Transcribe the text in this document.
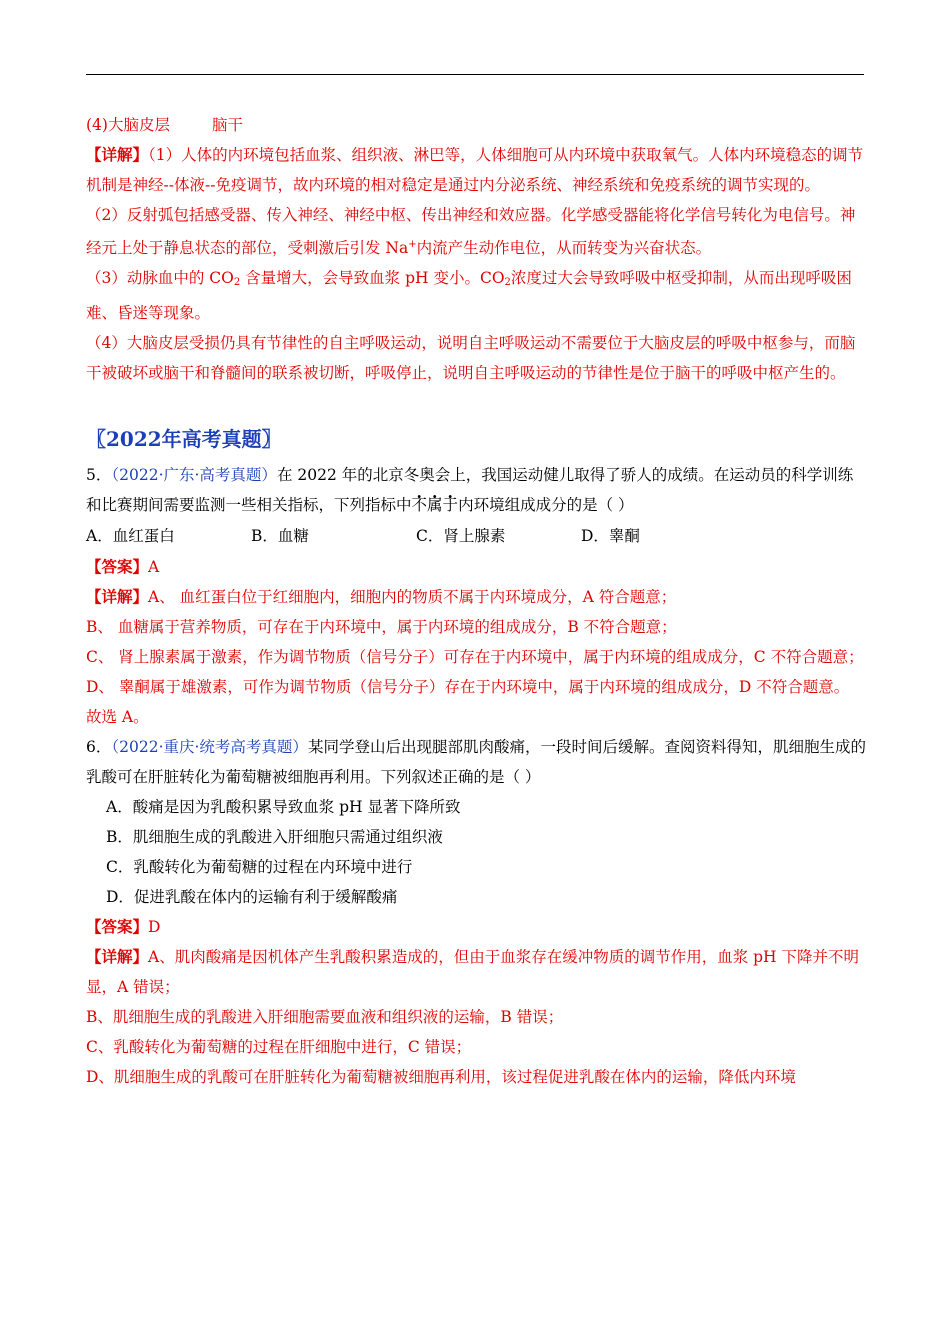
(4)大脑皮层	脑干

【详解】（1）人体的内环境包括血浆、组织液、淋巴等，人体细胞可从内环境中获取氧气。人体内环境稳态的调节机制是神经--体液--免疫调节，故内环境的相对稳定是通过内分泌系统、神经系统和免疫系统的调节实现的。

（2）反射弧包括感受器、传入神经、神经中枢、传出神经和效应器。化学感受器能将化学信号转化为电信号。神经元上处于静息状态的部位，受刺激后引发 Na+内流产生动作电位，从而转变为兴奋状态。

（3）动脉血中的 $CO_2$ 含量增大，会导致血浆 pH 变小。$CO_2$浓度过大会导致呼吸中枢受抑制，从而出现呼吸困难、昏迷等现象。

（4）大脑皮层受损仍具有节律性的自主呼吸运动，说明自主呼吸运动不需要位于大脑皮层的呼吸中枢参与，而脑干被破坏或脑干和脊髓间的联系被切断，呼吸停止，说明自主呼吸运动的节律性是位于脑干的呼吸中枢产生的。

〖2022年高考真题〗

5．（2022·广东·高考真题）在 2022 年的北京冬奥会上，我国运动健儿取得了骄人的成绩。在运动员的科学训练和比赛期间需要监测一些相关指标，下列指标中不属于内环境组成成分的是（ ）

A．血红蛋白	B．血糖	C．肾上腺素	D．睾酮

【答案】A

【详解】A、 血红蛋白位于红细胞内，细胞内的物质不属于内环境成分，A 符合题意；

B、 血糖属于营养物质，可存在于内环境中，属于内环境的组成成分，B 不符合题意；

C、 肾上腺素属于激素，作为调节物质（信号分子）可存在于内环境中，属于内环境的组成成分，C 不符合题意；

D、 睾酮属于雄激素，可作为调节物质（信号分子）存在于内环境中，属于内环境的组成成分，D 不符合题意。

故选 A。

6．（2022·重庆·统考高考真题）某同学登山后出现腿部肌肉酸痛，一段时间后缓解。查阅资料得知，肌细胞生成的乳酸可在肝脏转化为葡萄糖被细胞再利用。下列叙述正确的是（ ）

A．酸痛是因为乳酸积累导致血浆 pH 显著下降所致

B．肌细胞生成的乳酸进入肝细胞只需通过组织液

C．乳酸转化为葡萄糖的过程在内环境中进行

D．促进乳酸在体内的运输有利于缓解酸痛

【答案】D

【详解】A、肌肉酸痛是因机体产生乳酸积累造成的，但由于血浆存在缓冲物质的调节作用，血浆 pH 下降并不明显，A 错误；

B、肌细胞生成的乳酸进入肝细胞需要血液和组织液的运输，B 错误；

C、乳酸转化为葡萄糖的过程在肝细胞中进行，C 错误；

D、肌细胞生成的乳酸可在肝脏转化为葡萄糖被细胞再利用，该过程促进乳酸在体内的运输，降低内环境
